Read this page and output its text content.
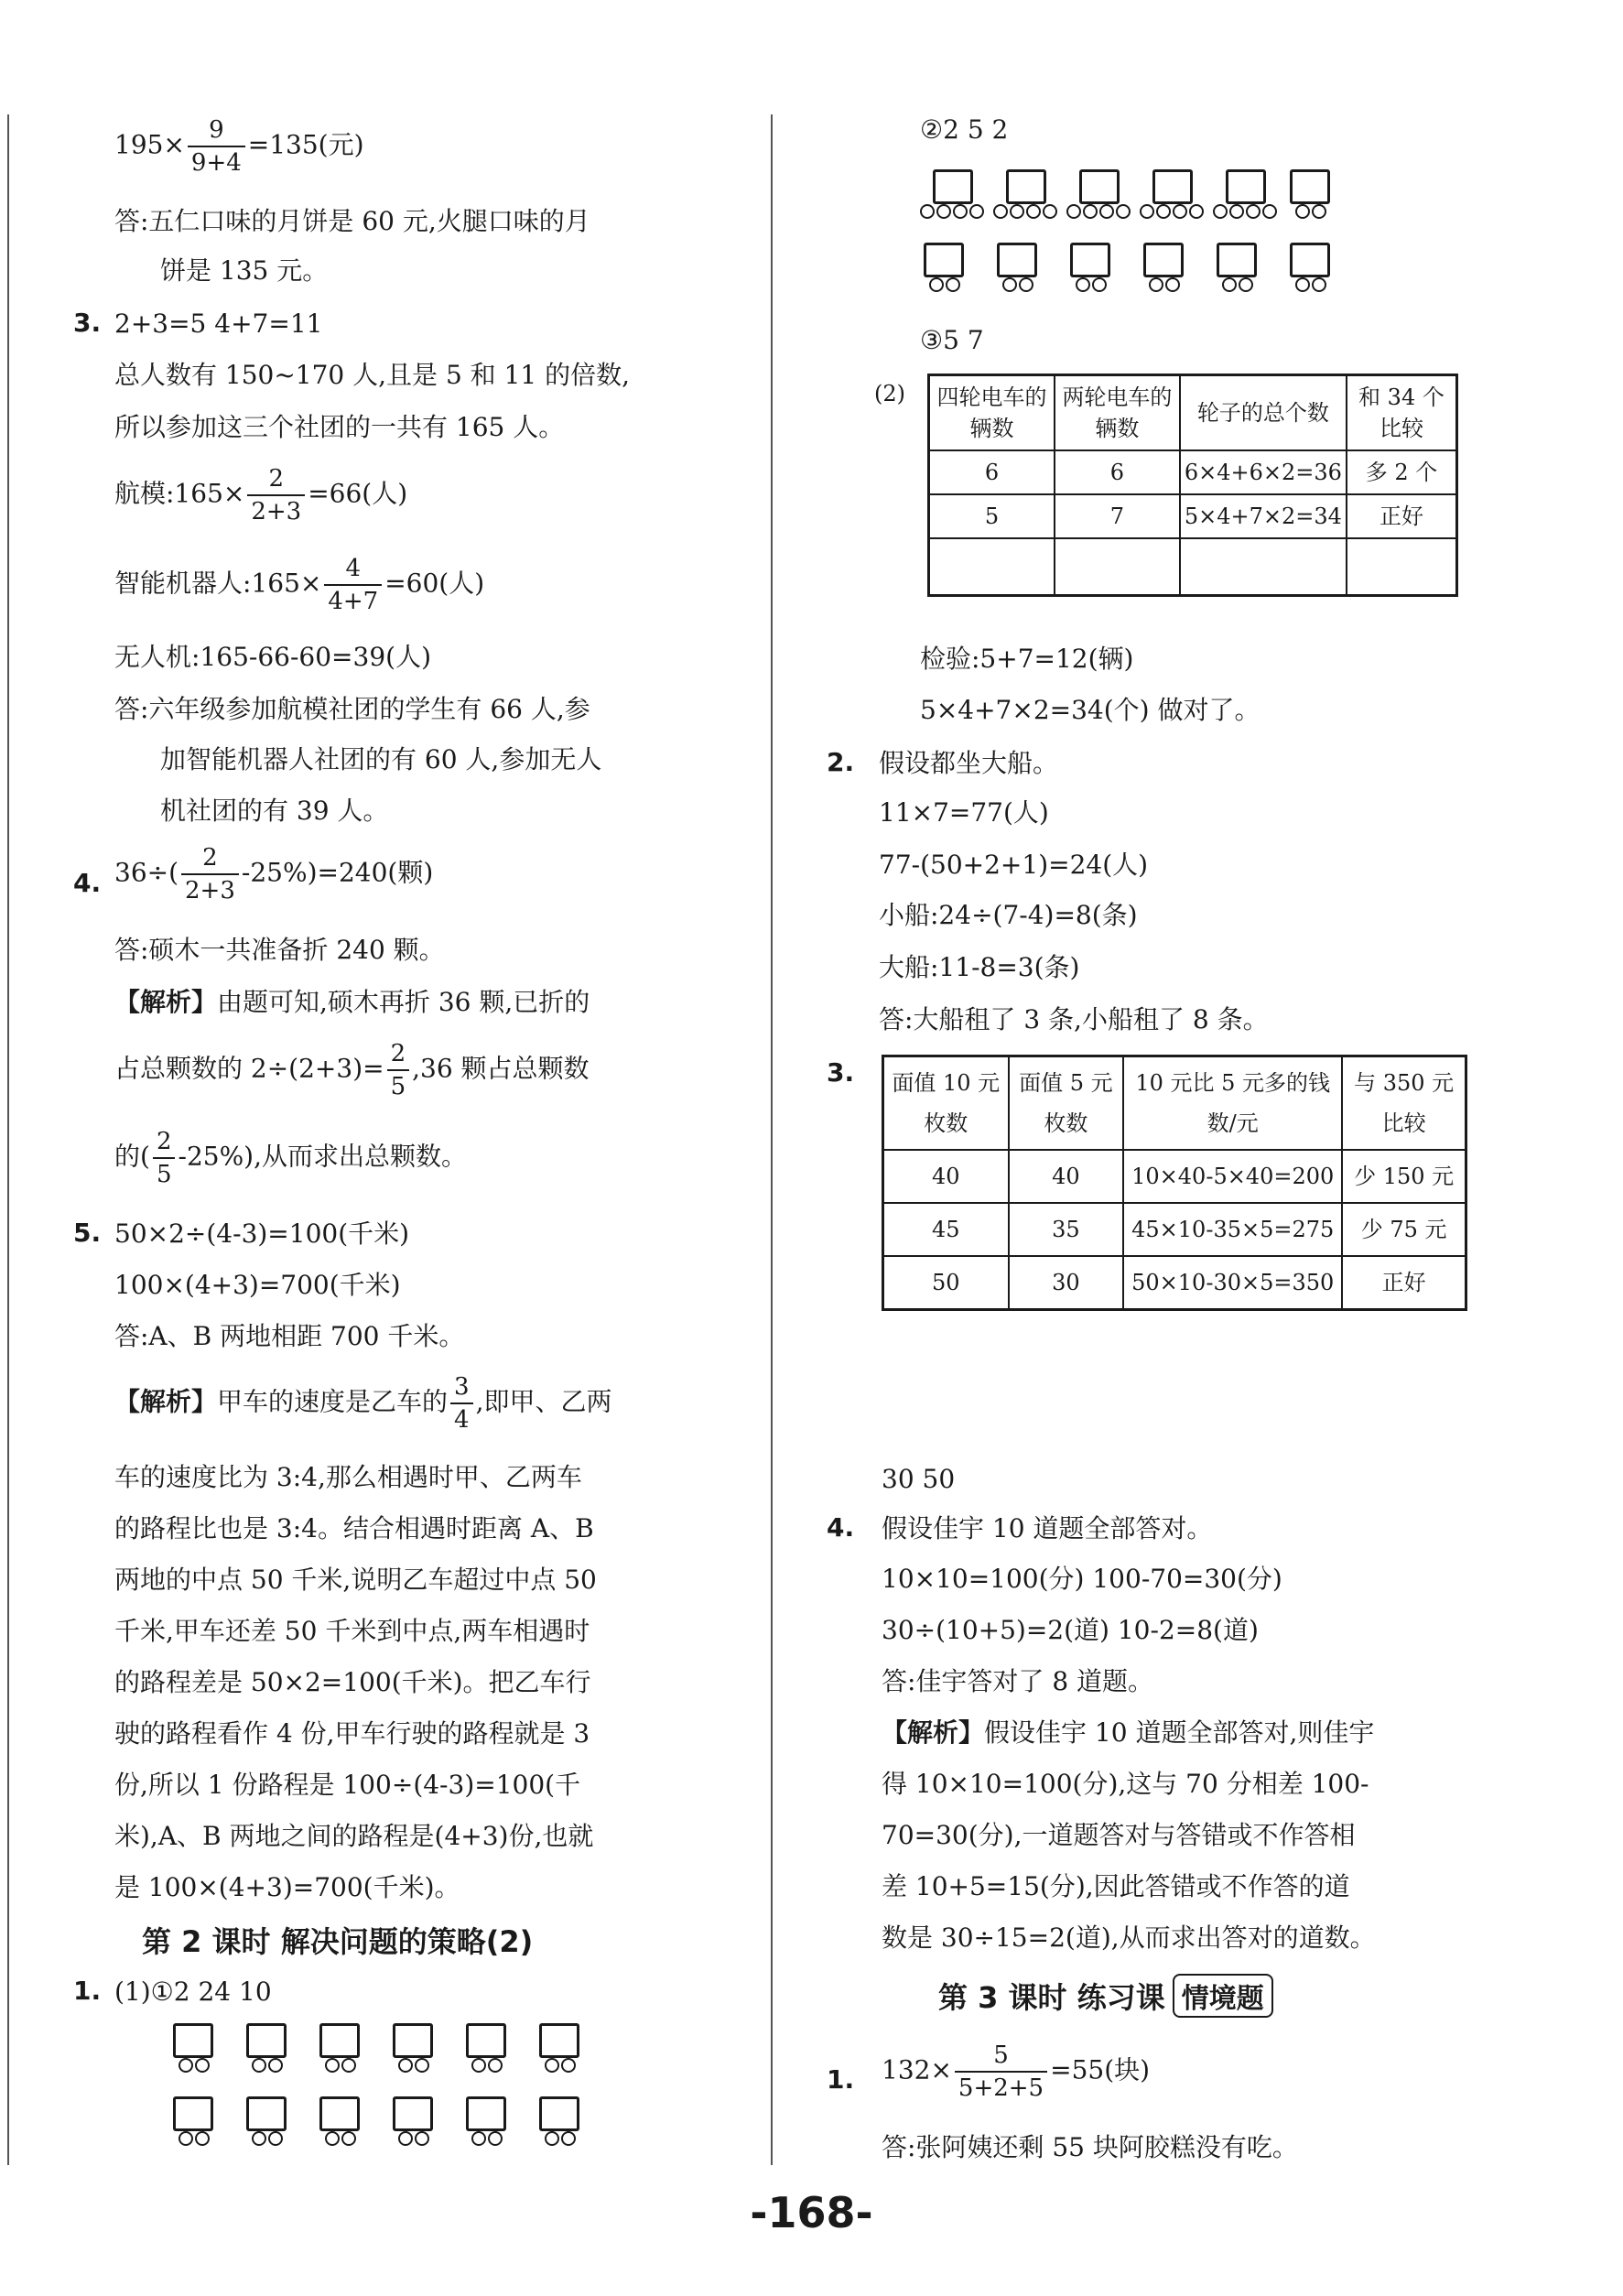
$195\times \frac{9}{9+4} =135$(元)
答:五仁口味的月饼是 60 元,火腿口味的月
饼是 135 元。
3. 2+3=5 4+7=11
总人数有 150~170 人,且是 5 和 11 的倍数,
所以参加这三个社团的一共有 165 人。
航模:165× $\frac{2}{2+3} =66$(人)
智能机器人:165× $\frac{4}{4+7} =60$(人)
无人机:165-66-60=39(人)
答:六年级参加航模社团的学生有 66 人,参
加智能机器人社团的有 60 人,参加无人
机社团的有 39 人。
4. $36\div( \frac{2}{2+3} -25\%)=240$(颗)
答:硕木一共准备折 240 颗。
【解析】由题可知,硕木再折 36 颗,已折的
占总颗数的 $2\div(2+3)= \frac{2}{5} ,36$ 颗占总颗数
的( $\frac{2}{5} -25\%$),从而求出总颗数。
5. 50×2÷(4-3)=100(千米)
100×(4+3)=700(千米)
答:A、B 两地相距 700 千米。
【解析】甲车的速度是乙车的 $\frac{3}{4}$ ,即甲、乙两
车的速度比为 3:4,那么相遇时甲、乙两车
的路程比也是 3:4。结合相遇时距离 A、B
两地的中点 50 千米,说明乙车超过中点 50
千米,甲车还差 50 千米到中点,两车相遇时
的路程差是 50×2=100(千米)。把乙车行
驶的路程看作 4 份,甲车行驶的路程就是 3
份,所以 1 份路程是 100÷(4-3)=100(千
米),A、B 两地之间的路程是(4+3)份,也就
是 100×(4+3)=700(千米)。
第 2 课时 解决问题的策略(2)
1. (1)①2 24 10
②2 5 2
③5 7
(2) 四轮电车的辆数	两轮电车的辆数	轮子的总个数	和 34 个比较
6	6	6×4+6×2=36	多 2 个
5	7	5×4+7×2=34	正好

检验:5+7=12(辆)
5×4+7×2=34(个) 做对了。
2. 假设都坐大船。
11×7=77(人)
77-(50+2+1)=24(人)
小船:24÷(7-4)=8(条)
大船:11-8=3(条)
答:大船租了 3 条,小船租了 8 条。
3. 面值 10 元枚数	面值 5 元枚数	10 元比 5 元多的钱数/元	与 350 元比较
40	40	10×40-5×40=200	少 150 元
45	35	45×10-35×5=275	少 75 元
50	30	50×10-30×5=350	正好
30 50
4. 假设佳宇 10 道题全部答对。
10×10=100(分) 100-70=30(分)
30÷(10+5)=2(道) 10-2=8(道)
答:佳宇答对了 8 道题。
【解析】假设佳宇 10 道题全部答对,则佳宇
得 10×10=100(分),这与 70 分相差 100-
70=30(分),一道题答对与答错或不作答相
差 10+5=15(分),因此答错或不作答的道
数是 30÷15=2(道),从而求出答对的道数。
第 3 课时 练习课 情境题
1. $132\times \frac{5}{5+2+5} =55$(块)
答:张阿姨还剩 55 块阿胶糕没有吃。
-168-
